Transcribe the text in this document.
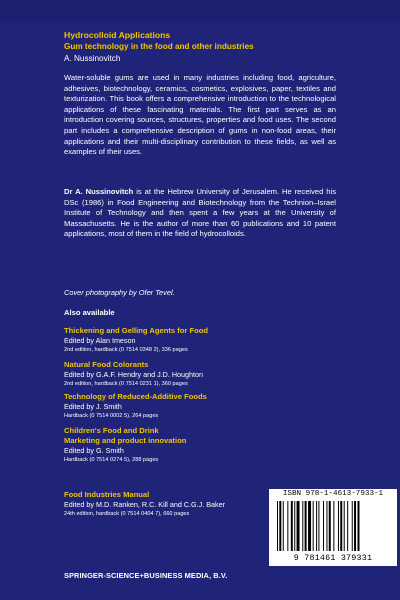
Hydrocolloid Applications
Gum technology in the food and other industries
A. Nussinovitch
Water-soluble gums are used in many industries including food, agriculture, adhesives, biotechnology, ceramics, cosmetics, explosives, paper, textiles and texturization. This book offers a comprehensive introduction to the technological applications of these fascinating materials. The first part serves as an introduction covering sources, structures, properties and food uses. The second part includes a comprehensive description of gums in non-food areas, their applications and their multi-disciplinary contribution to these fields, as well as examples of their uses.
Dr A. Nussinovitch is at the Hebrew University of Jerusalem. He received his DSc (1986) in Food Engineering and Biotechnology from the Technion–Israel Institute of Technology and then spent a few years at the University of Massachusetts. He is the author of more than 60 publications and 10 patent applications, most of them in the field of hydrocolloids.
Cover photography by Ofer Tevel.
Also available
Thickening and Gelling Agents for Food
Edited by Alan Imeson
2nd edition, hardback (0 7514 0348 2), 336 pages
Natural Food Colorants
Edited by G.A.F. Hendry and J.D. Houghton
2nd edition, hardback (0 7514 0231 1), 360 pages
Technology of Reduced-Additive Foods
Edited by J. Smith
Hardback (0 7514 0002 5), 264 pages
Children's Food and Drink
Marketing and product innovation
Edited by G. Smith
Hardback (0 7514 0274 5), 288 pages
Food Industries Manual
Edited by M.D. Ranken, R.C. Kill and C.G.J. Baker
24th edition, hardback (0 7514 0404 7), 660 pages
ISBN 978-1-4613-7933-1
9 781461 379331
SPRINGER-SCIENCE+BUSINESS MEDIA, B.V.
